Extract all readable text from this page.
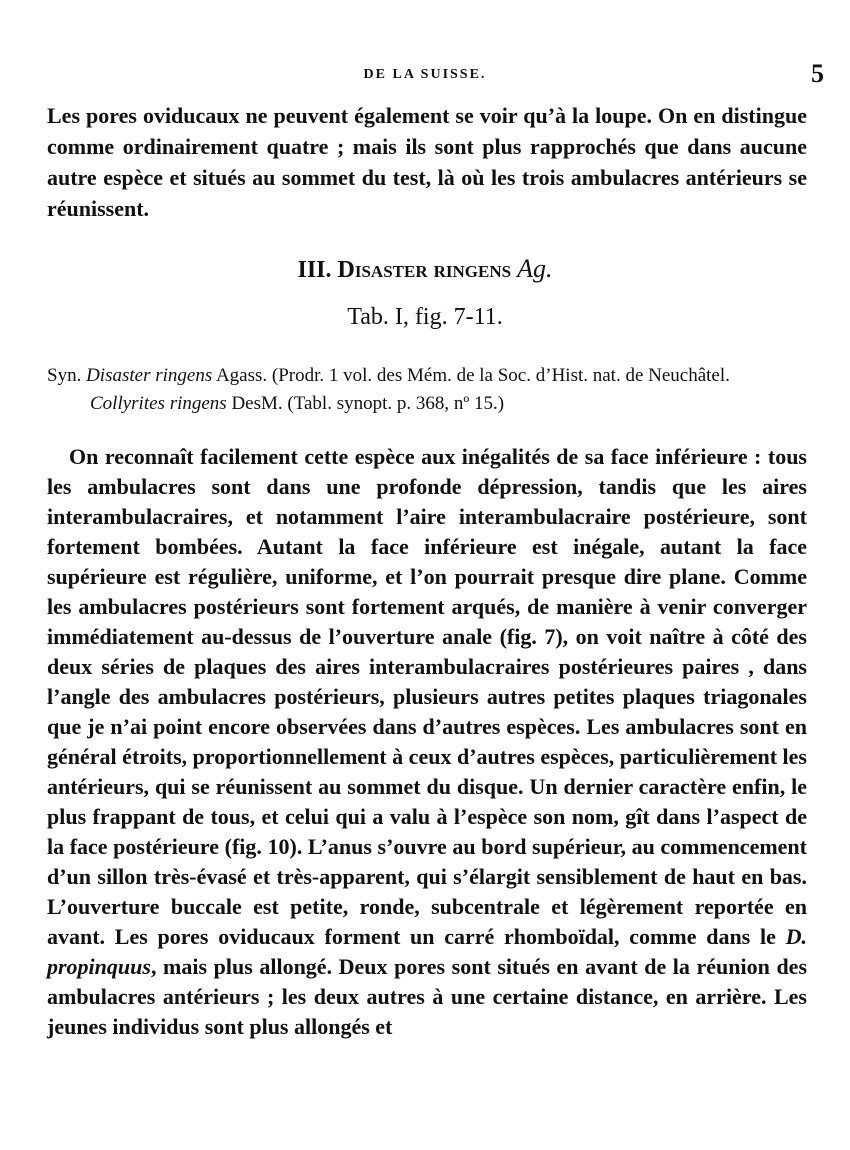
DE LA SUISSE.	5

Les pores oviducaux ne peuvent également se voir qu’à la loupe. On en distingue comme ordinairement quatre ; mais ils sont plus rapprochés que dans aucune autre espèce et situés au sommet du test, là où les trois ambulacres antérieurs se réunissent.

III. Disaster ringens Ag.
Tab. I, fig. 7-11.
Syn. Disaster ringens Agass. (Prodr. 1 vol. des Mém. de la Soc. d’Hist. nat. de Neuchâtel.
Collyrites ringens DesM. (Tabl. synopt. p. 368, nº 15.)

On reconnaît facilement cette espèce aux inégalités de sa face inférieure : tous les ambulacres sont dans une profonde dépression, tandis que les aires interambulacraires, et notamment l’aire interambulacraire postérieure, sont fortement bombées. Autant la face inférieure est inégale, autant la face supérieure est régulière, uniforme, et l’on pourrait presque dire plane. Comme les ambulacres postérieurs sont fortement arqués, de manière à venir converger immédiatement au-dessus de l’ouverture anale (fig. 7), on voit naître à côté des deux séries de plaques des aires interambulacraires postérieures paires , dans l’angle des ambulacres postérieurs, plusieurs autres petites plaques triagonales que je n’ai point encore observées dans d’autres espèces. Les ambulacres sont en général étroits, proportionnellement à ceux d’autres espèces, particulièrement les antérieurs, qui se réunissent au sommet du disque. Un dernier caractère enfin, le plus frappant de tous, et celui qui a valu à l’espèce son nom, gît dans l’aspect de la face postérieure (fig. 10). L’anus s’ouvre au bord supérieur, au commencement d’un sillon très-évasé et très-apparent, qui s’élargit sensiblement de haut en bas. L’ouverture buccale est petite, ronde, subcentrale et légèrement reportée en avant. Les pores oviducaux forment un carré rhomboïdal, comme dans le D. propinquus, mais plus allongé. Deux pores sont situés en avant de la réunion des ambulacres antérieurs ; les deux autres à une certaine distance, en arrière. Les jeunes individus sont plus allongés et
